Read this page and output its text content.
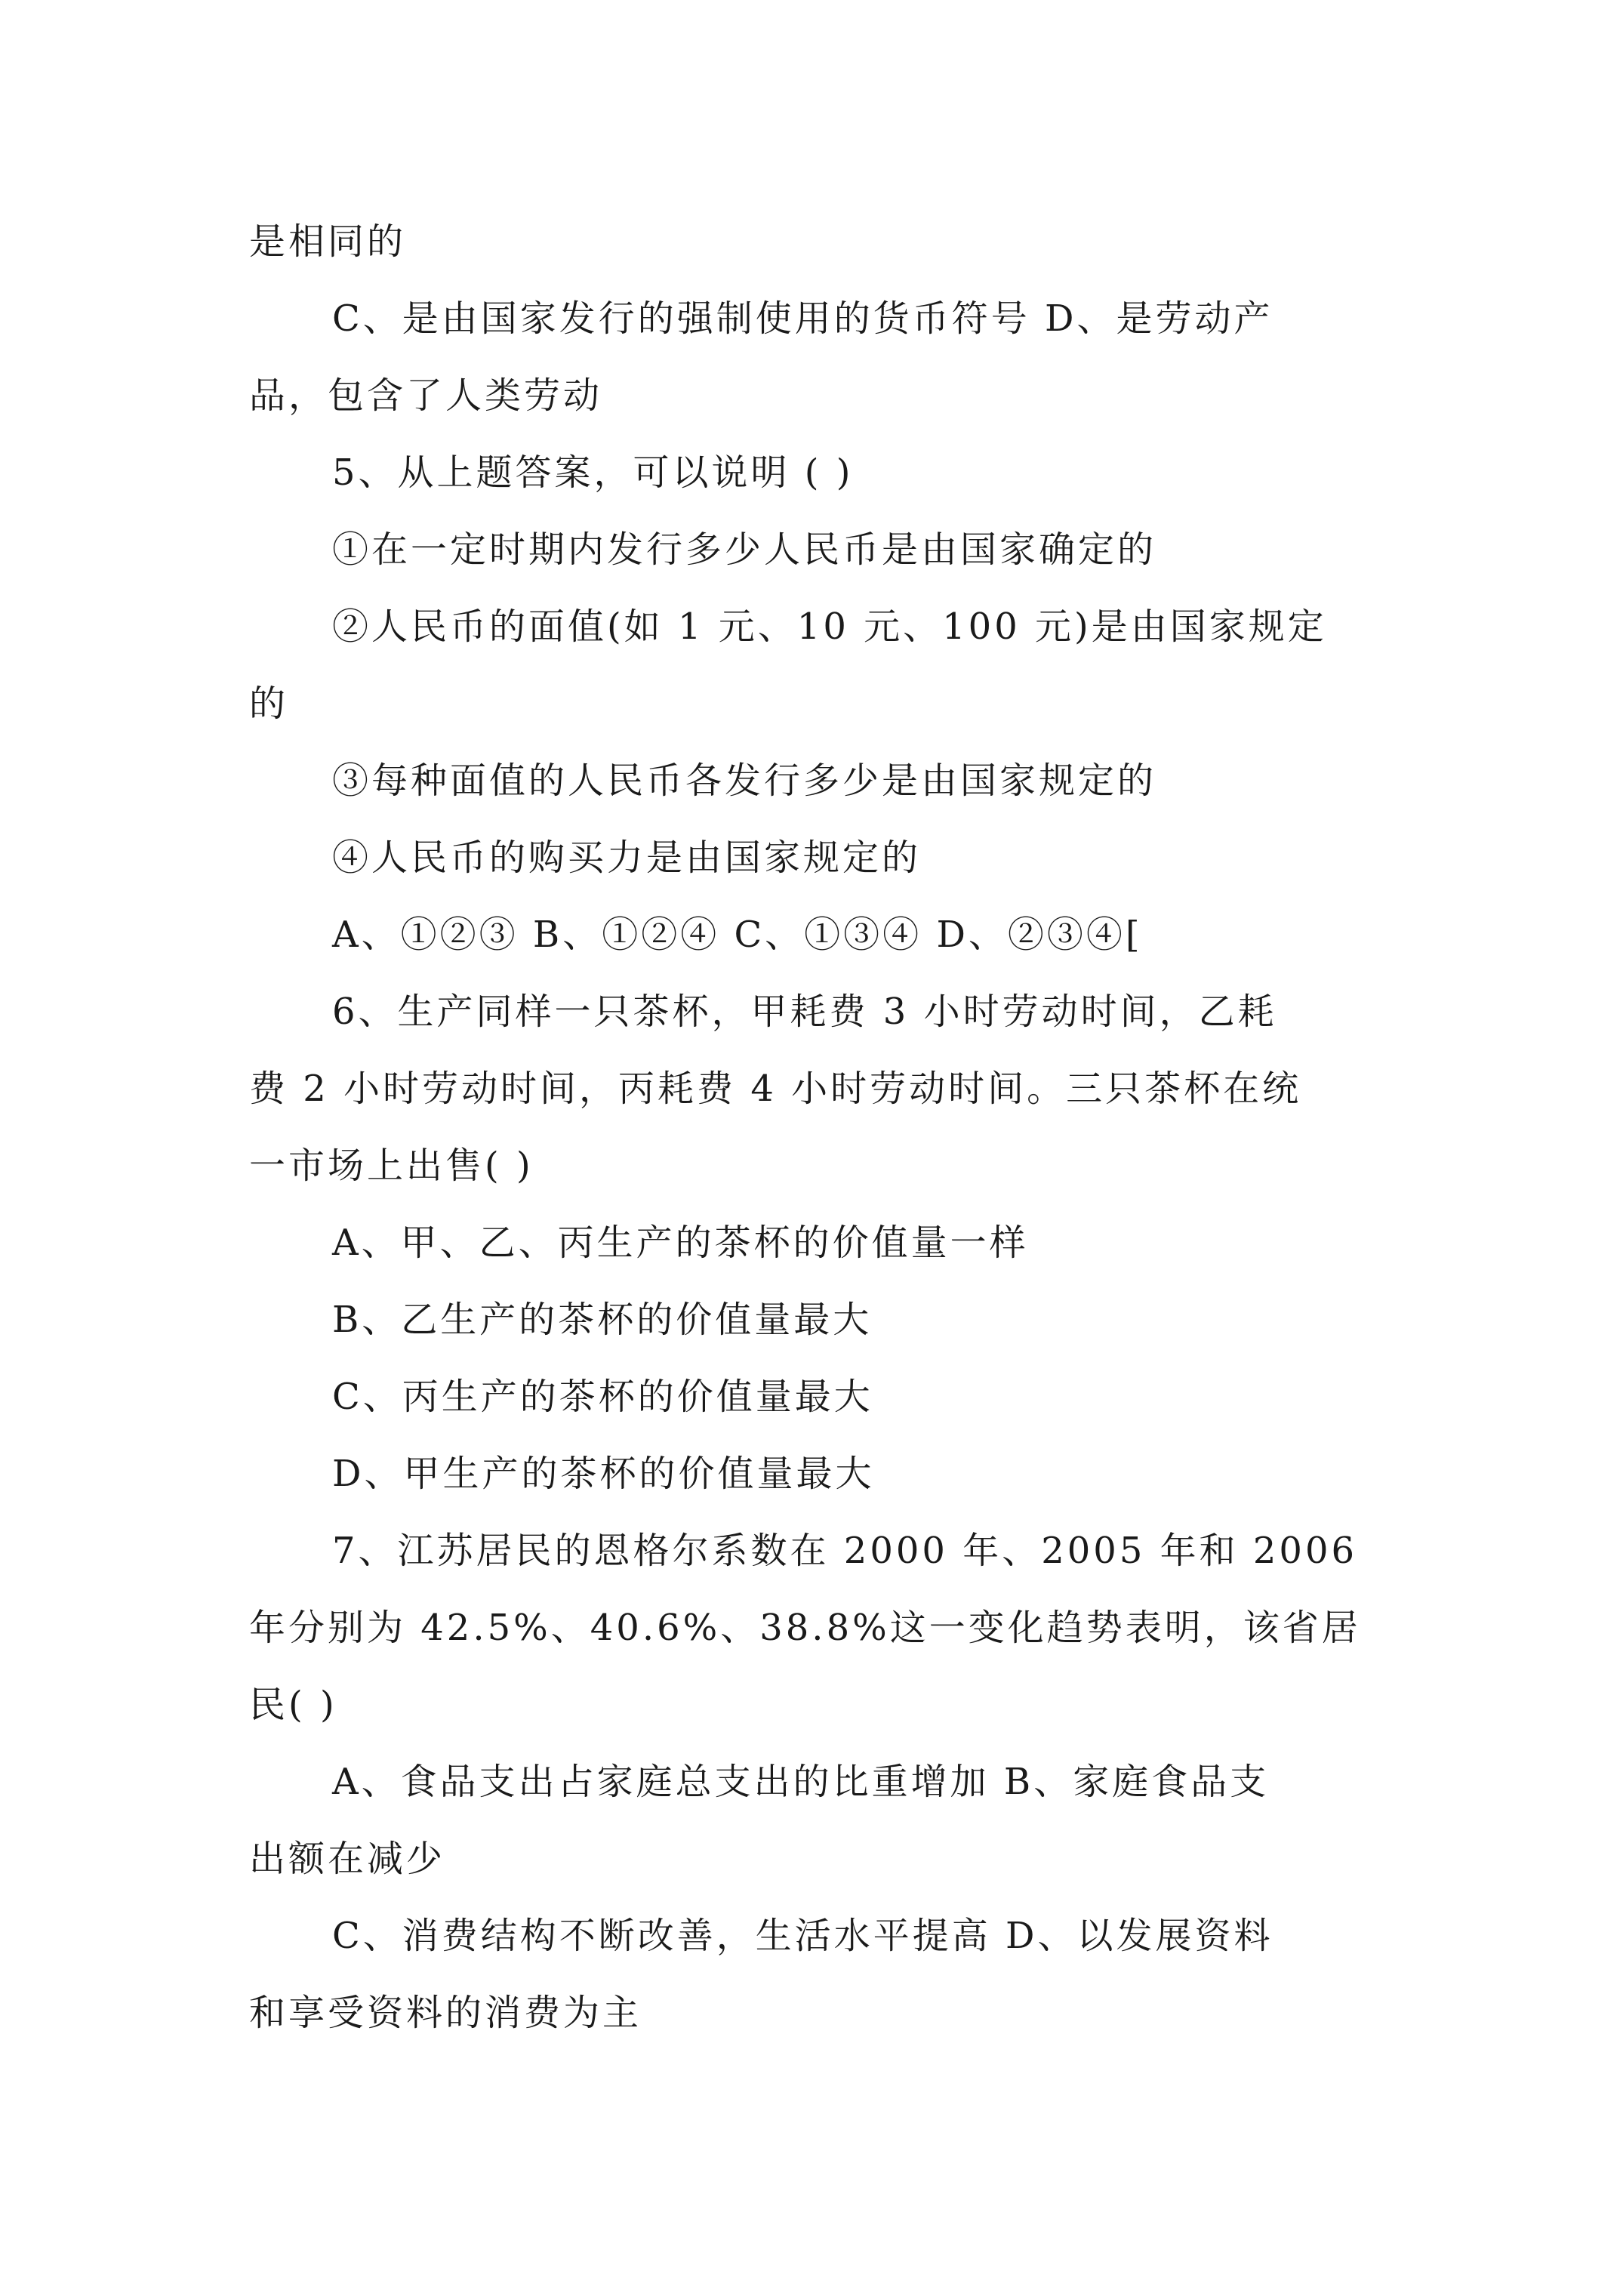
是相同的
C、是由国家发行的强制使用的货币符号 D、是劳动产
品，包含了人类劳动
5、从上题答案，可以说明 ( )
①在一定时期内发行多少人民币是由国家确定的
②人民币的面值(如 1 元、10 元、100 元)是由国家规定
的
③每种面值的人民币各发行多少是由国家规定的
④人民币的购买力是由国家规定的
A、①②③ B、①②④ C、①③④ D、②③④[
6、生产同样一只茶杯，甲耗费 3 小时劳动时间，乙耗
费 2 小时劳动时间，丙耗费 4 小时劳动时间。三只茶杯在统
一市场上出售( )
A、甲、乙、丙生产的茶杯的价值量一样
B、乙生产的茶杯的价值量最大
C、丙生产的茶杯的价值量最大
D、甲生产的茶杯的价值量最大
7、江苏居民的恩格尔系数在 2000 年、2005 年和 2006
年分别为 42.5%、40.6%、38.8%这一变化趋势表明，该省居
民( )
A、食品支出占家庭总支出的比重增加 B、家庭食品支
出额在减少
C、消费结构不断改善，生活水平提高 D、以发展资料
和享受资料的消费为主
